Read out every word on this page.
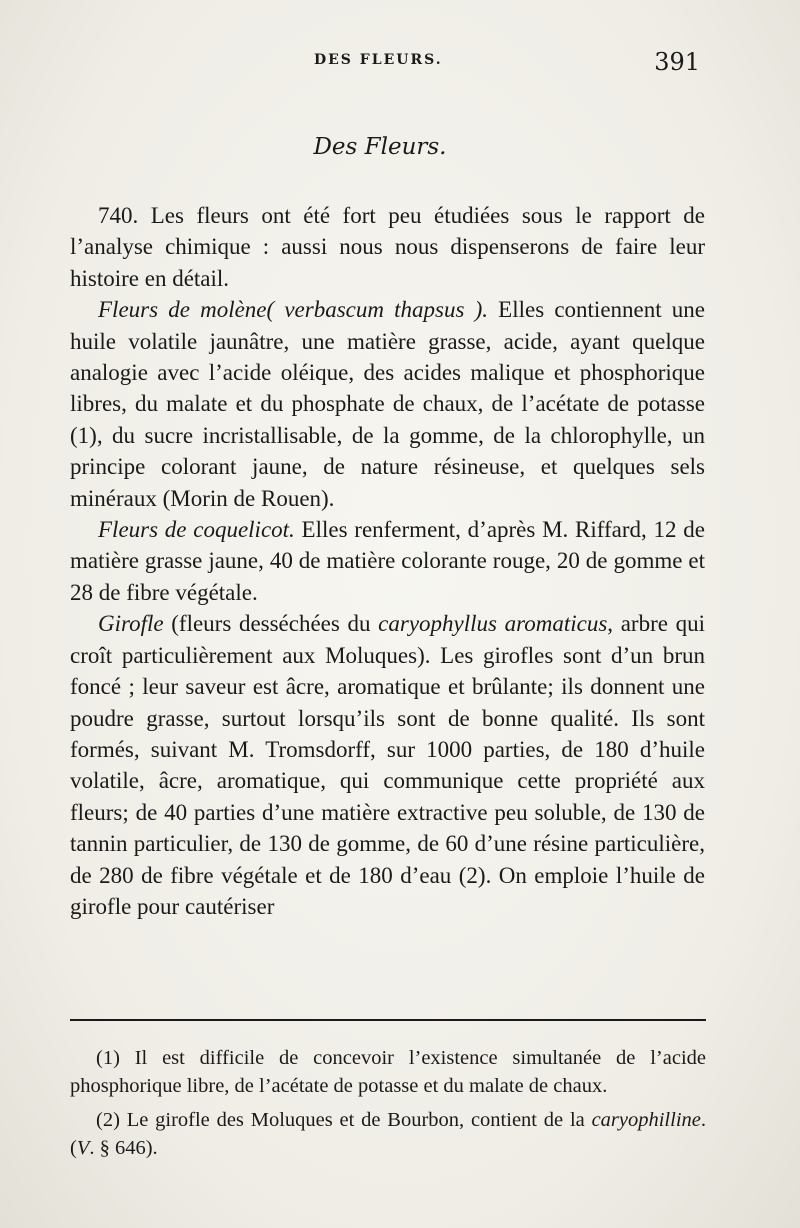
DES FLEURS.	391
Des Fleurs.

740. Les fleurs ont été fort peu étudiées sous le rapport de l’analyse chimique : aussi nous nous dispenserons de faire leur histoire en détail.

Fleurs de molène( verbascum thapsus ). Elles contiennent une huile volatile jaunâtre, une matière grasse, acide, ayant quelque analogie avec l’acide oléique, des acides malique et phosphorique libres, du malate et du phosphate de chaux, de l’acétate de potasse (1), du sucre incristallisable, de la gomme, de la chlorophylle, un principe colorant jaune, de nature résineuse, et quelques sels minéraux (Morin de Rouen).

Fleurs de coquelicot. Elles renferment, d’après M. Riffard, 12 de matière grasse jaune, 40 de matière colorante rouge, 20 de gomme et 28 de fibre végétale.

Girofle (fleurs desséchées du caryophyllus aromaticus, arbre qui croît particulièrement aux Moluques). Les girofles sont d’un brun foncé ; leur saveur est âcre, aromatique et brûlante; ils donnent une poudre grasse, surtout lorsqu’ils sont de bonne qualité. Ils sont formés, suivant M. Tromsdorff, sur 1000 parties, de 180 d’huile volatile, âcre, aromatique, qui communique cette propriété aux fleurs; de 40 parties d’une matière extractive peu soluble, de 130 de tannin particulier, de 130 de gomme, de 60 d’une résine particulière, de 280 de fibre végétale et de 180 d’eau (2). On emploie l’huile de girofle pour cautériser

(1) Il est difficile de concevoir l’existence simultanée de l’acide phosphorique libre, de l’acétate de potasse et du malate de chaux.

(2) Le girofle des Moluques et de Bourbon, contient de la caryophilline. (V. § 646).
